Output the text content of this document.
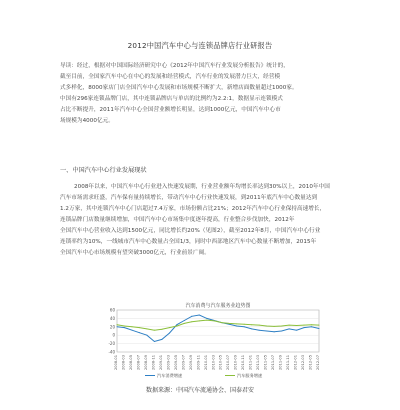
2012中国汽车中心与连锁品牌店行业研报告
导读：经过，根据对中国国际经济研究中心《2012年中国汽车行业发展分析报告》统计的，
截至目前，全国家汽车中心在中心的发展和经营模式，汽车行业的发展潜力巨大，经营模
式多样化，8000家店门店全国汽车中心发展和市场规模不断扩大，新增店面数量超过1000家。
中国有296家连锁品牌门店，其中连锁品牌店与单店的比例约为2.2:1，数据显示连锁模式
占比不断提升，2011年汽车中心全国营业额增长明显，达到1000亿元，中国汽车中心市
场规模为4000亿元。
一、中国汽车中心行业发展现状
2008年以来，中国汽车中心行业进入快速发展期，行业营业额年均增长率达到30%以上，2010年中国
汽车市场需求旺盛，汽车保有量持续增长，带动汽车中心行业快速发展，到2011年底汽车中心数量达到
1.2万家，其中连锁汽车中心门店超过7.4万家，市场份额占比21%；2012年汽车中心行业保持高速增长，
连锁品牌门店数量继续增加，中国汽车中心市场集中度逐年提高，行业整合步伐加快，2012年
全国汽车中心营业收入达到1500亿元，同比增长约20%（见图2），截至2012年8月，中国汽车中心行业
连锁率约为10%，一线城市汽车中心数量占全国1/3，同时中西部地区汽车中心数量不断增加，2015年
全国汽车中心市场规模有望突破3000亿元，行业前景广阔。
汽车消费与汽车服务业趋势图
-40
-20
0
20
40
60
2008-01 2008-03 2008-05 2008-07 2008-09 2008-11 2009-01 2009-03 2009-05 2009-07 2009-09 2009-11 2010-01 2010-03 2010-05 2010-07 2010-09 2010-11 2011-01 2011-03 2011-05 2011-07 2011-09 2011-11 2012-01 2012-03 2012-05 2012-07
汽车消费增速	汽车服务增速
数据来源：中国汽车流通协会、国泰君安
